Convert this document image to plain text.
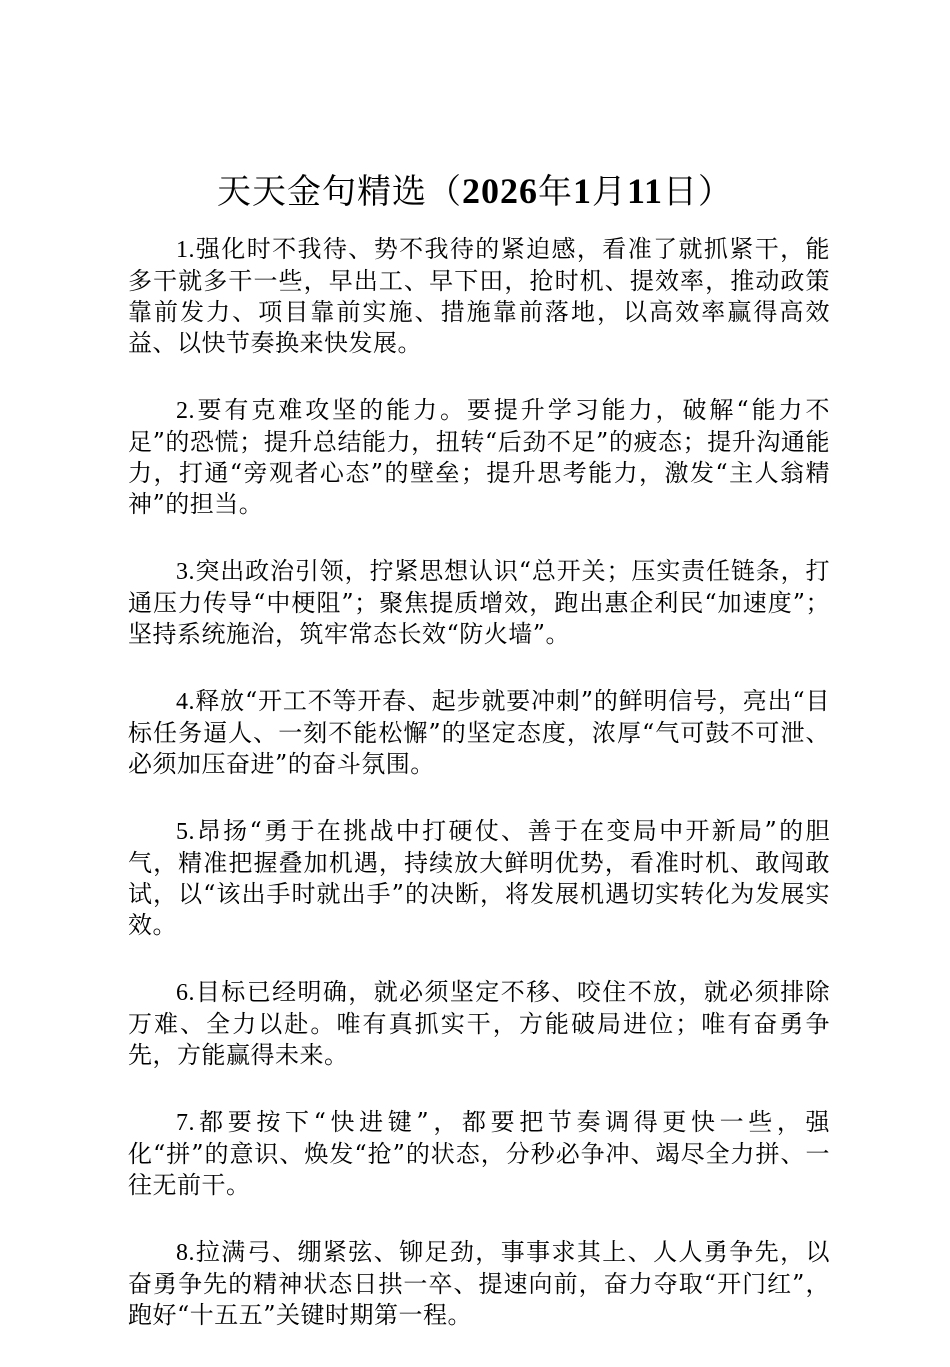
天天金句精选（2026年1月11日）

1.强化时不我待、势不我待的紧迫感，看准了就抓紧干，能多干就多干一些，早出工、早下田，抢时机、提效率，推动政策靠前发力、项目靠前实施、措施靠前落地，以高效率赢得高效益、以快节奏换来快发展。

2.要有克难攻坚的能力。要提升学习能力，破解“能力不足”的恐慌；提升总结能力，扭转“后劲不足”的疲态；提升沟通能力，打通“旁观者心态”的壁垒；提升思考能力，激发“主人翁精神”的担当。

3.突出政治引领，拧紧思想认识“总开关；压实责任链条，打通压力传导“中梗阻”；聚焦提质增效，跑出惠企利民“加速度”；坚持系统施治，筑牢常态长效“防火墙”。

4.释放“开工不等开春、起步就要冲刺”的鲜明信号，亮出“目标任务逼人、一刻不能松懈”的坚定态度，浓厚“气可鼓不可泄、必须加压奋进”的奋斗氛围。

5.昂扬“勇于在挑战中打硬仗、善于在变局中开新局”的胆气，精准把握叠加机遇，持续放大鲜明优势，看准时机、敢闯敢试，以“该出手时就出手”的决断，将发展机遇切实转化为发展实效。

6.目标已经明确，就必须坚定不移、咬住不放，就必须排除万难、全力以赴。唯有真抓实干，方能破局进位；唯有奋勇争先，方能赢得未来。

7.都要按下“快进键”，都要把节奏调得更快一些，强化“拼”的意识、焕发“抢”的状态，分秒必争冲、竭尽全力拼、一往无前干。

8.拉满弓、绷紧弦、铆足劲，事事求其上、人人勇争先，以奋勇争先的精神状态日拱一卒、提速向前，奋力夺取“开门红”，跑好“十五五”关键时期第一程。
